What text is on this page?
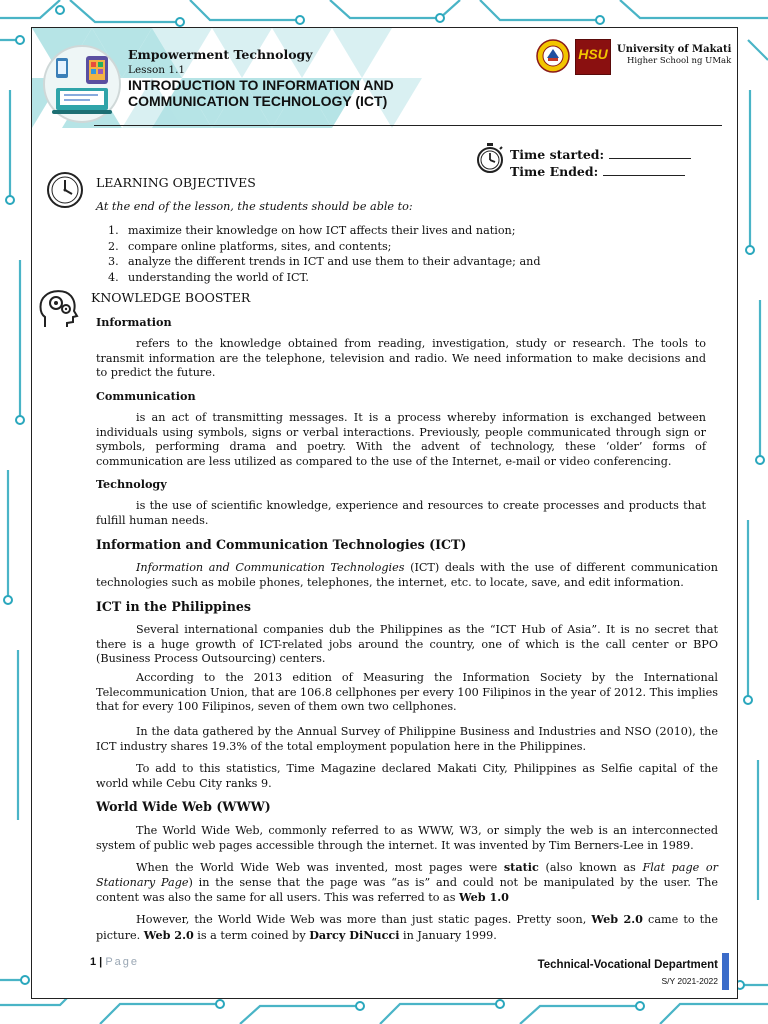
Empowerment Technology
Lesson 1.1
INTRODUCTION TO INFORMATION AND
COMMUNICATION TECHNOLOGY (ICT)
HSU University of Makati
Higher School ng UMak
Time started:
Time Ended:
LEARNING OBJECTIVES
At the end of the lesson, the students should be able to:
1. maximize their knowledge on how ICT affects their lives and nation;
2. compare online platforms, sites, and contents;
3. analyze the different trends in ICT and use them to their advantage; and
4. understanding the world of ICT.
KNOWLEDGE BOOSTER
Information
refers to the knowledge obtained from reading, investigation, study or research. The tools to transmit information are the telephone, television and radio. We need information to make decisions and to predict the future.
Communication
is an act of transmitting messages. It is a process whereby information is exchanged between individuals using symbols, signs or verbal interactions. Previously, people communicated through sign or symbols, performing drama and poetry. With the advent of technology, these ‘older’ forms of communication are less utilized as compared to the use of the Internet, e-mail or video conferencing.
Technology
is the use of scientific knowledge, experience and resources to create processes and products that fulfill human needs.
Information and Communication Technologies (ICT)
Information and Communication Technologies (ICT) deals with the use of different communication technologies such as mobile phones, telephones, the internet, etc. to locate, save, and edit information.
ICT in the Philippines
Several international companies dub the Philippines as the “ICT Hub of Asia”. It is no secret that there is a huge growth of ICT-related jobs around the country, one of which is the call center or BPO (Business Process Outsourcing) centers.
According to the 2013 edition of Measuring the Information Society by the International Telecommunication Union, that are 106.8 cellphones per every 100 Filipinos in the year of 2012. This implies that for every 100 Filipinos, seven of them own two cellphones.
In the data gathered by the Annual Survey of Philippine Business and Industries and NSO (2010), the ICT industry shares 19.3% of the total employment population here in the Philippines.
To add to this statistics, Time Magazine declared Makati City, Philippines as Selfie capital of the world while Cebu City ranks 9.
World Wide Web (WWW)
The World Wide Web, commonly referred to as WWW, W3, or simply the web is an interconnected system of public web pages accessible through the internet. It was invented by Tim Berners-Lee in 1989.
When the World Wide Web was invented, most pages were static (also known as Flat page or Stationary Page) in the sense that the page was “as is” and could not be manipulated by the user. The content was also the same for all users. This was referred to as Web 1.0
However, the World Wide Web was more than just static pages. Pretty soon, Web 2.0 came to the picture. Web 2.0 is a term coined by Darcy DiNucci in January 1999.
1 | Page	Technical-Vocational Department
S/Y 2021-2022
